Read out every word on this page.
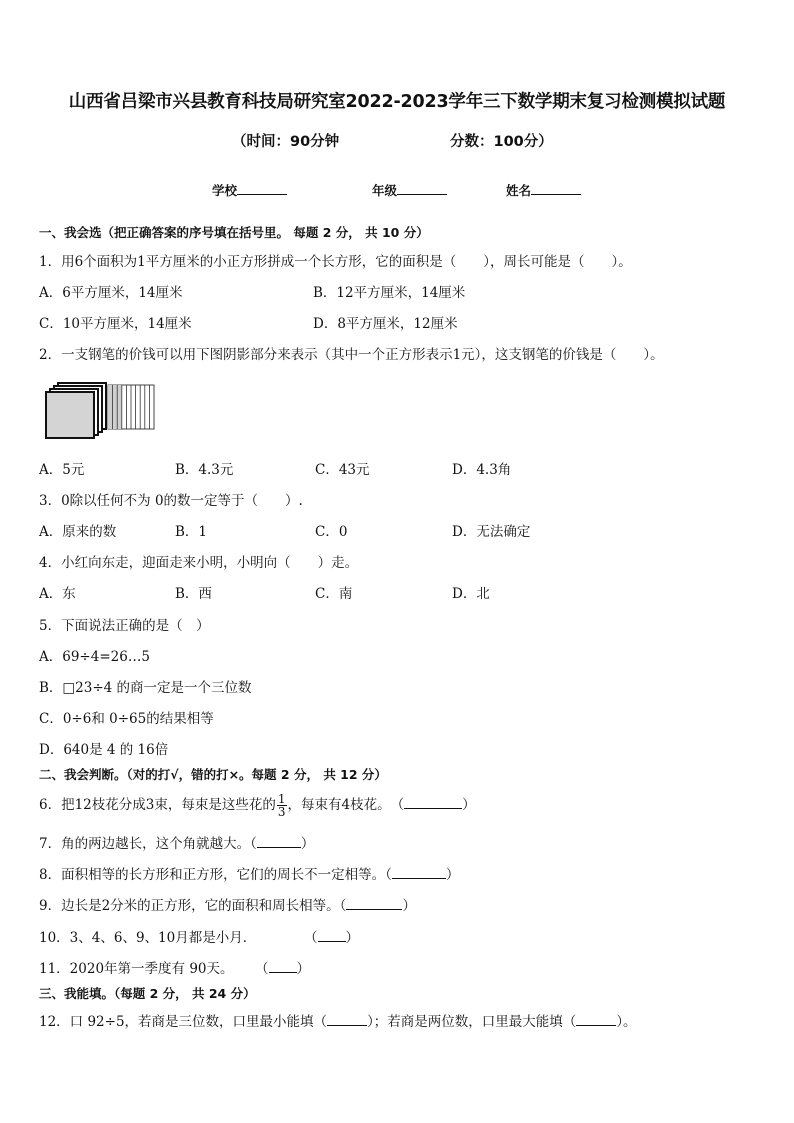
山西省吕梁市兴县教育科技局研究室2022-2023学年三下数学期末复习检测模拟试题
（时间：90分钟	分数：100分）
学校	年级	姓名
一、我会选（把正确答案的序号填在括号里。 每题 2 分， 共 10 分）
1．用6个面积为1平方厘米的小正方形拼成一个长方形，它的面积是（　　），周长可能是（　　）。
A．6平方厘米，14厘米	B．12平方厘米，14厘米
C．10平方厘米，14厘米	D．8平方厘米，12厘米
2．一支钢笔的价钱可以用下图阴影部分来表示（其中一个正方形表示1元），这支钢笔的价钱是（　　）。
A．5元	B．4.3元	C．43元	D．4.3角
3．0除以任何不为 0的数一定等于（　　）.
A．原来的数	B．1	C．0	D．无法确定
4．小红向东走，迎面走来小明，小明向（　　）走。
A．东	B．西	C．南	D．北
5．下面说法正确的是（　）
A．69÷4=26…5
B．□23÷4 的商一定是一个三位数
C．0÷6和 0÷65的结果相等
D．640是 4 的 16倍
二、我会判断。（对的打√，错的打×。每题 2 分， 共 12 分）
6．把12枝花分成3束，每束是这些花的 $\frac{1}{3}$ ，每束有4枝花。　（	）
7．角的两边越长，这个角就越大。（	）
8．面积相等的长方形和正方形，它们的周长不一定相等。（	）
9．边长是2分米的正方形，它的面积和周长相等。（	）
10．3、4、6、9、10月都是小月．	（ ）
11．2020年第一季度有 90天。 （ ）
三、我能填。（每题 2 分， 共 24 分）
12．口 92÷5，若商是三位数，口里最小能填（	）；若商是两位数，口里最大能填（	）。
